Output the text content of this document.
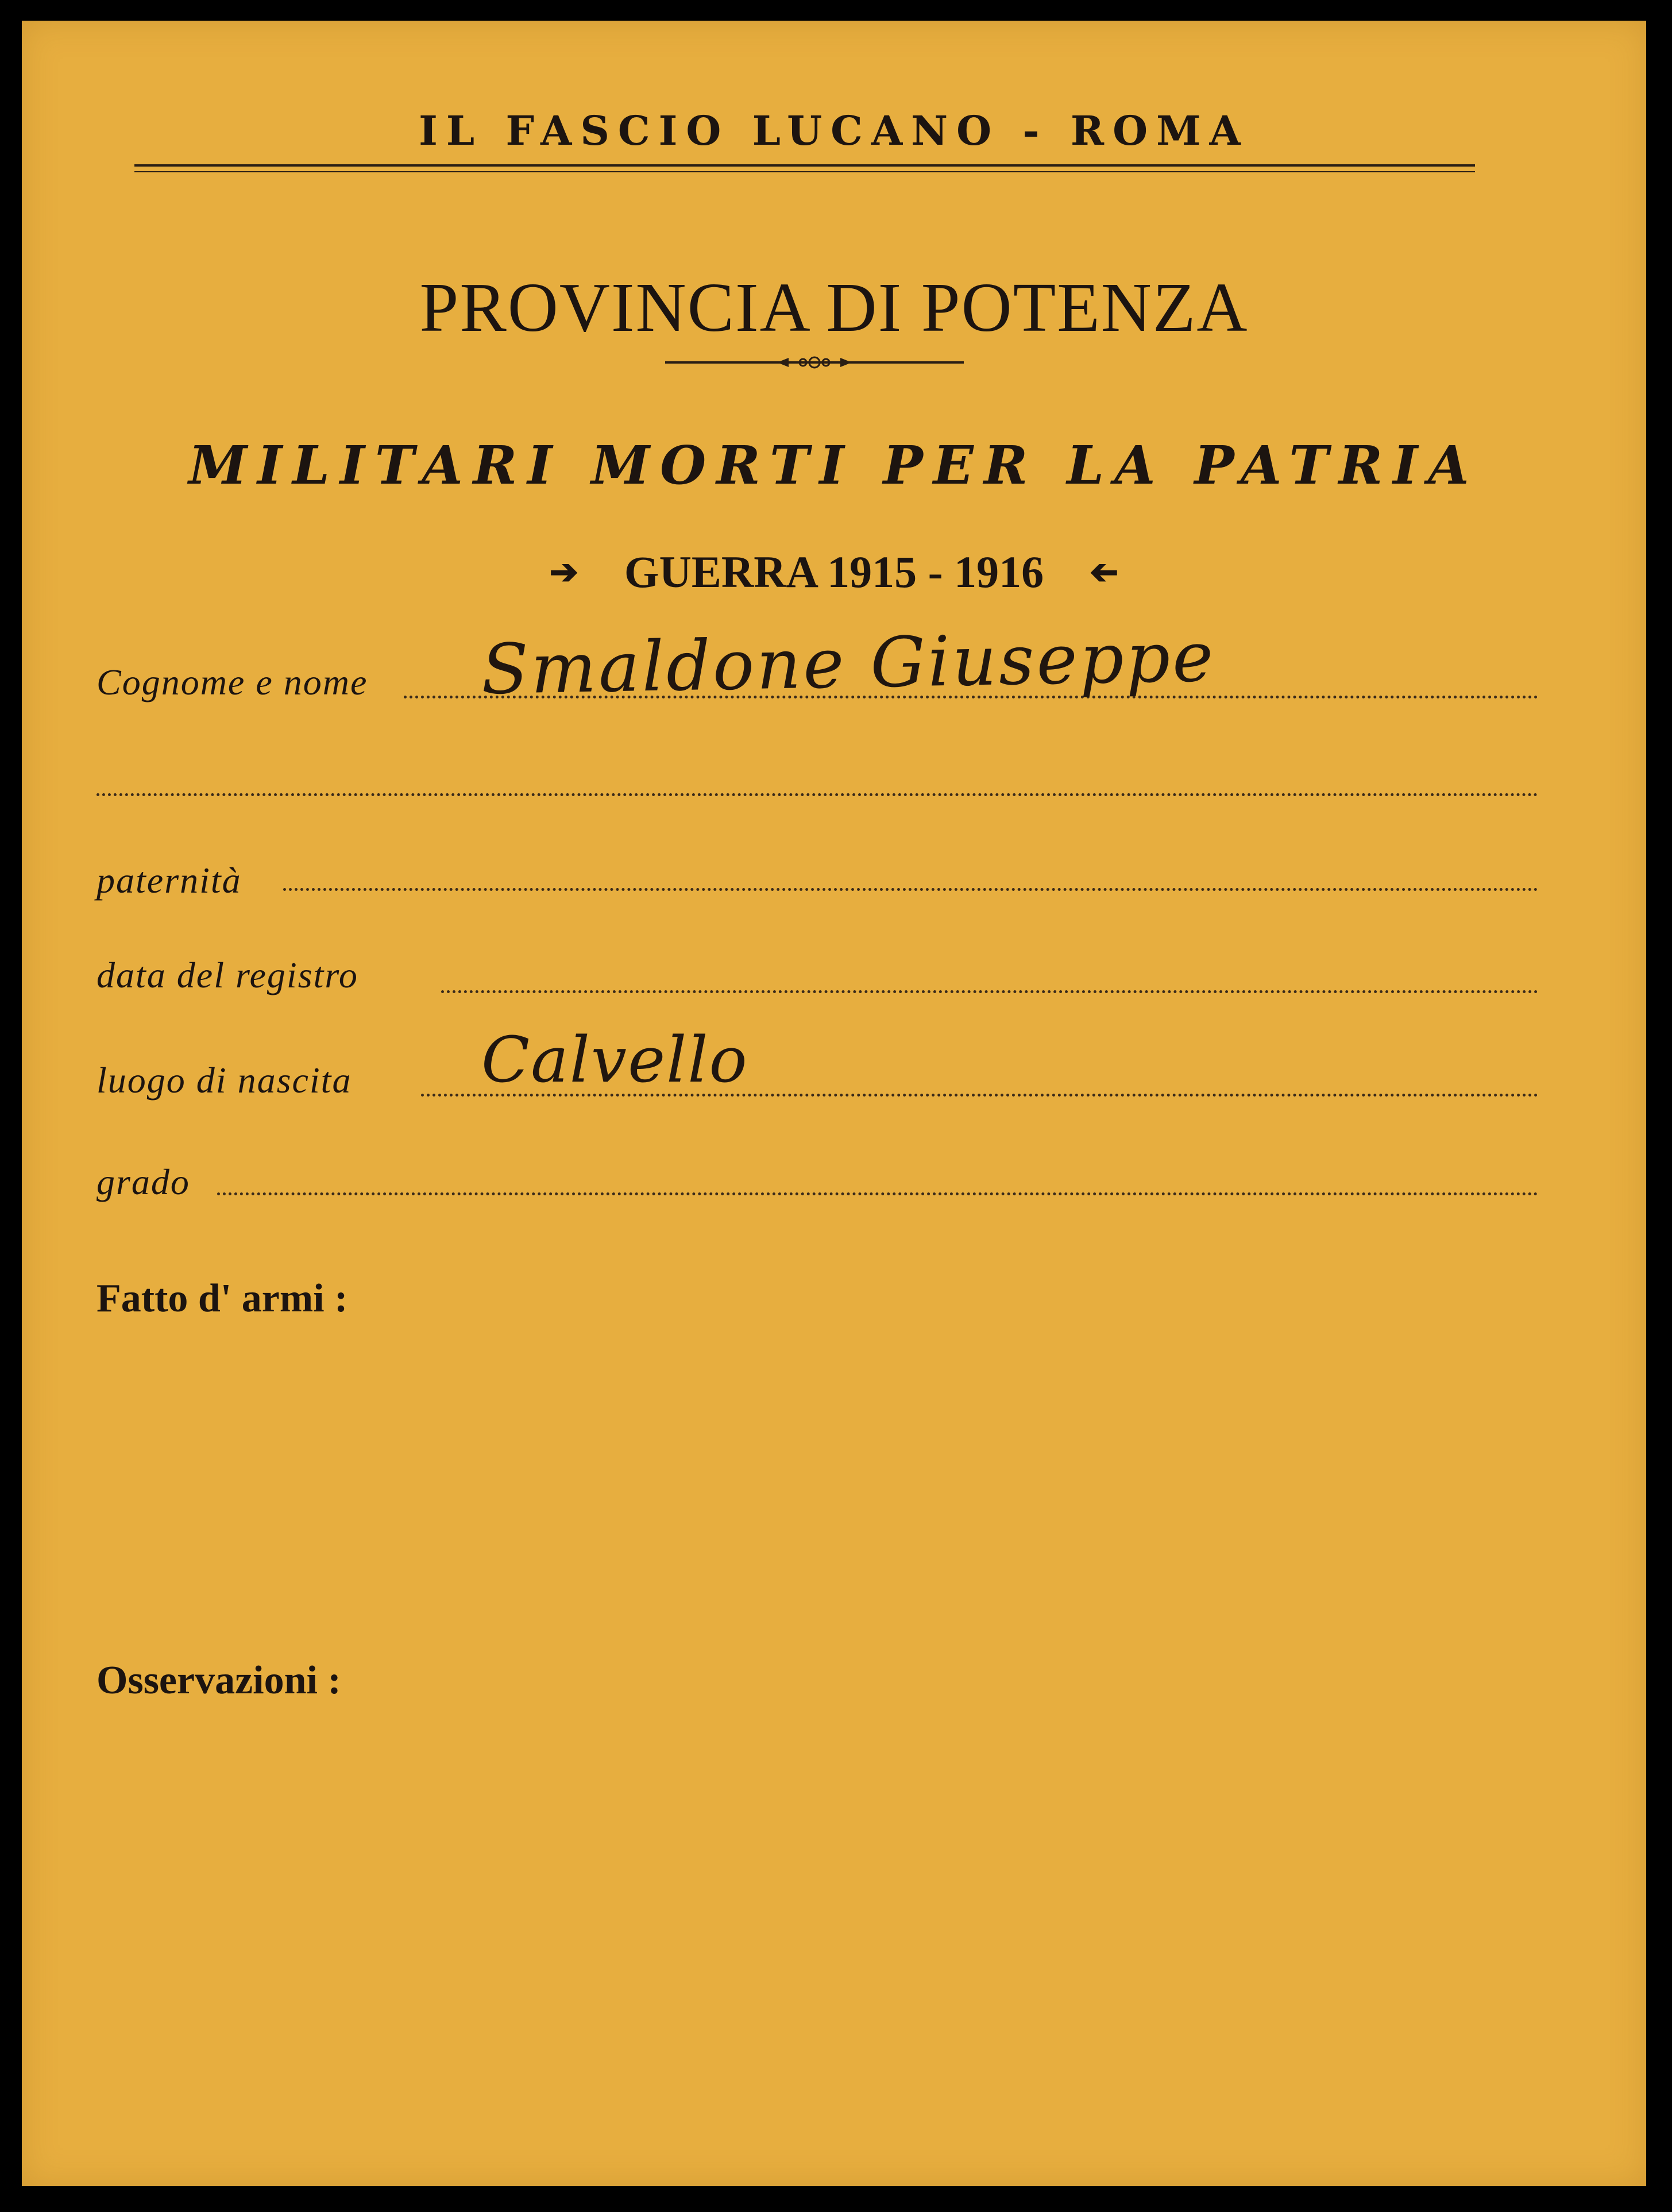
IL FASCIO LUCANO - ROMA
PROVINCIA DI POTENZA
MILITARI MORTI PER LA PATRIA
➔ GUERRA 1915 - 1916 ➔
Cognome e nome Smaldone Giuseppe
paternità
data del registro
luogo di nascita Calvello
grado
Fatto d' armi :
Osservazioni :
